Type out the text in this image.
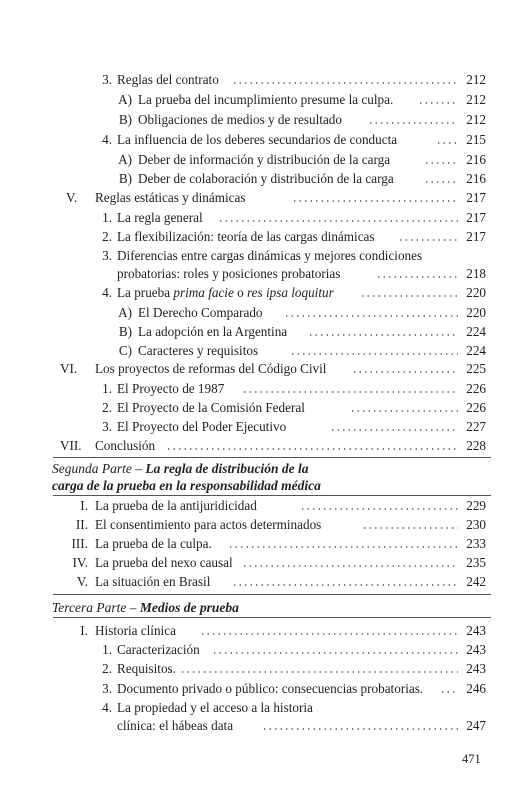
3. Reglas del contrato	212
A) La prueba del incumplimiento presume la culpa.	212
B) Obligaciones de medios y de resultado	212
4. La influencia de los deberes secundarios de conducta	215
A) Deber de información y distribución de la carga	216
B) Deber de colaboración y distribución de la carga	216
V.	Reglas estáticas y dinámicas	217
1. La regla general	217
2. La flexibilización: teoría de las cargas dinámicas	217
3. Diferencias entre cargas dinámicas y mejores condiciones
probatorias: roles y posiciones probatorias	218
4. La prueba prima facie o res ipsa loquitur	220
A) El Derecho Comparado	220
B) La adopción en la Argentina	224
C) Caracteres y requisitos	224
VI.	Los proyectos de reformas del Código Civil	225
1. El Proyecto de 1987	226
2. El Proyecto de la Comisión Federal	226
3. El Proyecto del Poder Ejecutivo	227
VII.	Conclusión	228
Segunda Parte – La regla de distribución de la
carga de la prueba en la responsabilidad médica
I. La prueba de la antijuridicidad	229
II. El consentimiento para actos determinados	230
III. La prueba de la culpa.	233
IV. La prueba del nexo causal	235
V. La situación en Brasil	242
Tercera Parte – Medios de prueba
I. Historia clínica	243
1. Caracterización	243
2. Requisitos.	243
3. Documento privado o público: consecuencias probatorias.	246
4. La propiedad y el acceso a la historia
clínica: el hábeas data	247
471
